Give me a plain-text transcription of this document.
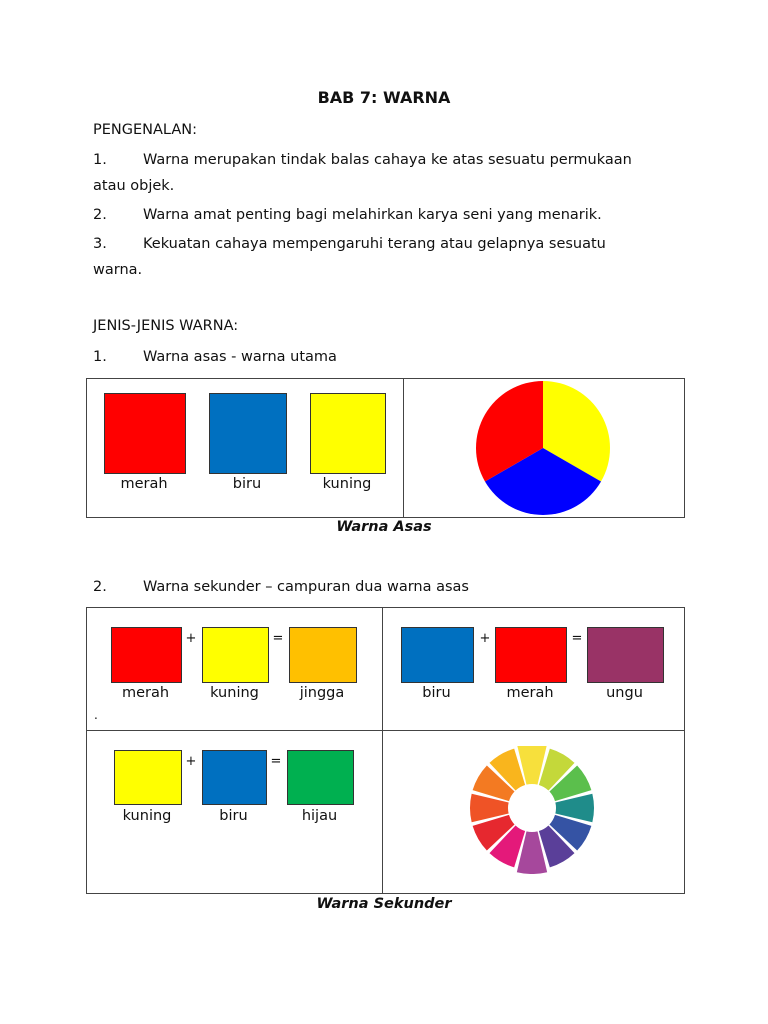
BAB 7: WARNA
PENGENALAN:
1. Warna merupakan tindak balas cahaya ke atas sesuatu permukaan
atau objek.
2. Warna amat penting bagi melahirkan karya seni yang menarik.
3. Kekuatan cahaya mempengaruhi terang atau gelapnya sesuatu
warna.
JENIS-JENIS WARNA:
1. Warna asas - warna utama
merah	biru	kuning
Warna Asas
2. Warna sekunder – campuran dua warna asas
+	=
merah	kuning	jingga
.
+	=
biru	merah	ungu
+	=
kuning	biru	hijau
Warna Sekunder
